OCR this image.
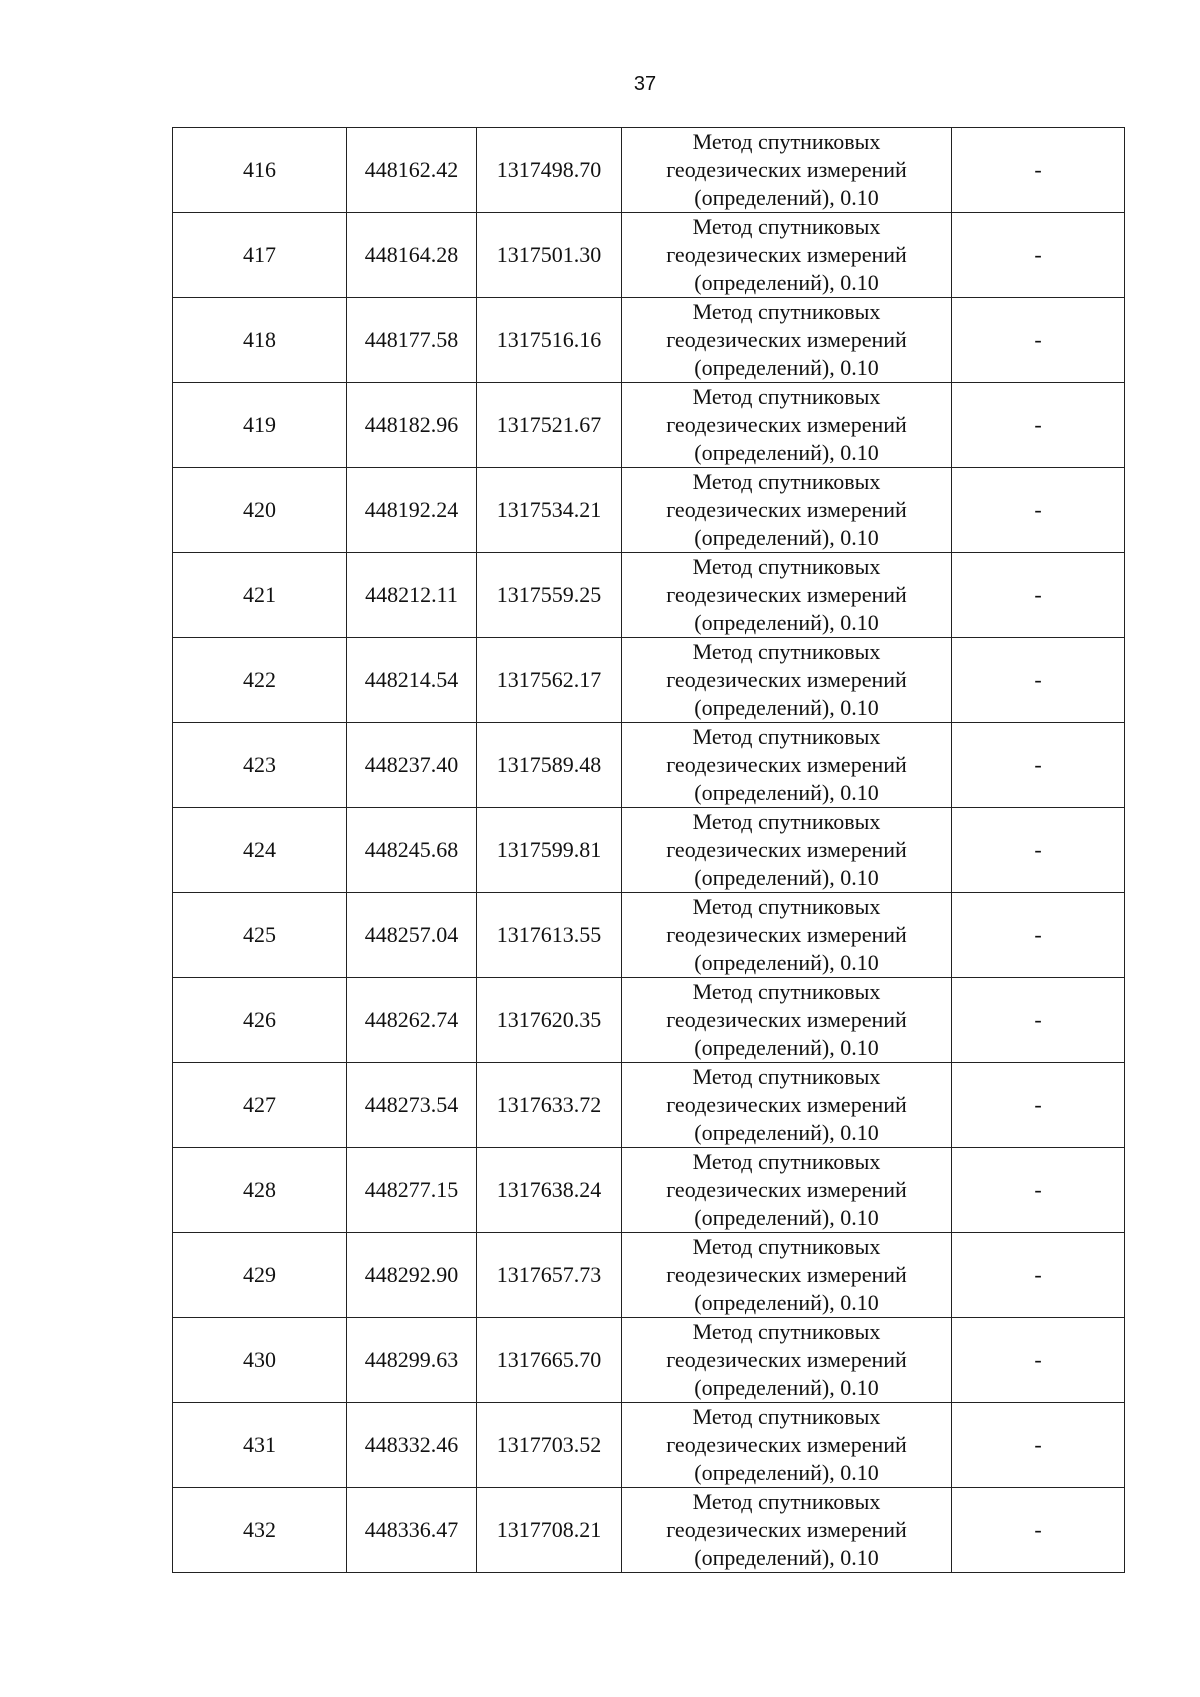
37
416	448162.42	1317498.70	Метод спутниковых
геодезических измерений
(определений), 0.10	-
417	448164.28	1317501.30	Метод спутниковых
геодезических измерений
(определений), 0.10	-
418	448177.58	1317516.16	Метод спутниковых
геодезических измерений
(определений), 0.10	-
419	448182.96	1317521.67	Метод спутниковых
геодезических измерений
(определений), 0.10	-
420	448192.24	1317534.21	Метод спутниковых
геодезических измерений
(определений), 0.10	-
421	448212.11	1317559.25	Метод спутниковых
геодезических измерений
(определений), 0.10	-
422	448214.54	1317562.17	Метод спутниковых
геодезических измерений
(определений), 0.10	-
423	448237.40	1317589.48	Метод спутниковых
геодезических измерений
(определений), 0.10	-
424	448245.68	1317599.81	Метод спутниковых
геодезических измерений
(определений), 0.10	-
425	448257.04	1317613.55	Метод спутниковых
геодезических измерений
(определений), 0.10	-
426	448262.74	1317620.35	Метод спутниковых
геодезических измерений
(определений), 0.10	-
427	448273.54	1317633.72	Метод спутниковых
геодезических измерений
(определений), 0.10	-
428	448277.15	1317638.24	Метод спутниковых
геодезических измерений
(определений), 0.10	-
429	448292.90	1317657.73	Метод спутниковых
геодезических измерений
(определений), 0.10	-
430	448299.63	1317665.70	Метод спутниковых
геодезических измерений
(определений), 0.10	-
431	448332.46	1317703.52	Метод спутниковых
геодезических измерений
(определений), 0.10	-
432	448336.47	1317708.21	Метод спутниковых
геодезических измерений
(определений), 0.10	-
